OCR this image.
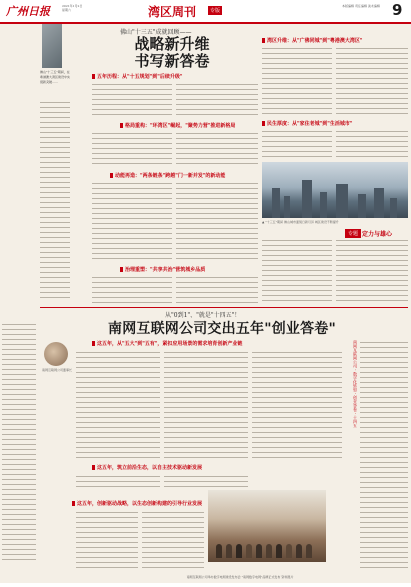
广州日报	2021年1月2日 星期六	湾区周刊	专版
本版编辑 责任编辑 美术编辑 9
佛山"十三五"期间，在粤港澳大湾区建设中实现新突破……
佛山"十三五"成就回顾——
战略新升维
书写新答卷
五年历程：从"十五规划"到"后续升级"
格局重构："环湾区"崛起，"聚势力营"推进新格局
动能再造："两条链条"跨越"门一新并发"的新动能
治理重塑："共享共治"营筑城乡品质
湾区升维：从"广佛同城"到"粤港澳大湾区"
民生厚度：从"家住老城"到"生活城市"
▲ "十三五"期间 佛山城市面貌日新月异 城区建设不断提升
专题 定力与雄心
从"0到1"、"就是"十四五"！
南网互联网公司交出五年"创业答卷"
南网互联网公司董事长
这五年，从"五大"到"五有"，紧扣应用场景的需求培育创新产业链
这五年，筑立前沿生态，以自主技术驱动新发展
这五年，创新驱动战略，以生态创新构建的引导行业发展
南网互联网公司 · 数字化转型 · 创业答卷 · 十四五
南网互联网公司举办数字电网建设发布会 "南网数字电网"品牌正式发布 资料图片
